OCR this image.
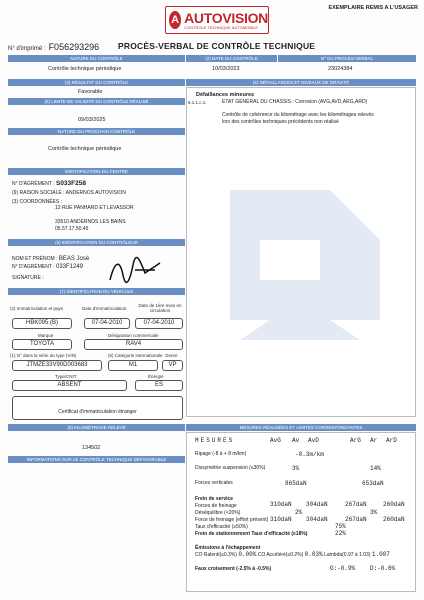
A AUTOVISION
CONTROLE TECHNIQUE AUTOMOBILE
EXEMPLAIRE REMIS A L'USAGER
N° d'imprimé : F056293296 PROCÈS-VERBAL DE CONTRÔLE TECHNIQUE
NATURE DU CONTRÔLE	(2) DATE DU CONTRÔLE	N° DU PROCÈS-VERBAL
Contrôle technique périodique	10/03/2023	23024384
(3) RÉSULTAT DU CONTRÔLE	(4) DÉFAILLANCES ET NIVEAUX DE GRAVITÉ
Favorable	Défaillances mineures
6.1.1.c.1.	ETAT GÉNÉRAL DU CHASSIS : Corrosion (AVG,AVD,ARG,ARD)
Contrôle de cohérence du kilométrage avec les kilométrages relevés lors des contrôles techniques précédents non réalisé
(5) LIMITE DE VALIDITÉ DU CONTRÔLE RÉALISÉ
09/03/2025
NATURE DU PROCHAIN CONTRÔLE
Contrôle technique périodique
IDENTIFICATION DU CENTRE
N° D'AGRÉMENT : S033F258
(9) RAISON SOCIALE : ANDERNOS AUTOVISION
(3) COORDONNÉES :
12 RUE PANHARD ET LEVASSOR
33510 ANDERNOS LES BAINS
05.57.17.50.45
(6) IDENTIFICATION DU CONTRÔLEUR
NOM ET PRÉNOM : BEAS José
N° D'AGRÉMENT : 033F1249
SIGNATURE :
(7) IDENTIFICATION DU VÉHICULE
(2) Immatriculation et pays	Date d'immatriculation
Date de 1ère mise en circulation
HBK095 (B)	07-04-2010	07-04-2010
Marque	Désignation commerciale
TOYOTA	RAV4
(1) N° dans la série du type (VIN)	(5) Catégorie internationale Genre
JTMZE33V90D003683	M1	VP
Type/CNIT	Énergie
ABSENT	ES
Certificat d'immatriculation étranger
(8) KILOMÉTRAGE RELEVÉ
134502
INFORMATIONS SUR LE CONTRÔLE TECHNIQUE DÉFAVORABLE
MESURES RÉALISÉES ET LIMITES CORRESPONDANTES
MESURES	AvG Av AvD	ArG Ar ArD
Ripage (-8 à + 8 m/km)	-0.3m/km
Dissymétrie suspension (≤30%)	3%	14%
Forces verticales	865daN	653daN
Frein de service
Forces de freinage	310daN 304daN	267daN	260daN
Déséquilibre (<20%)	2%	3%
Force de freinage (effort présent) 310daN 304daN	267daN	260daN
Taux d'efficacité (≥50%)	75%
Frein de stationnement Taux d'efficacité (≥18%)	22%
Émissions à l'échappement
CO Ralenti(≤0.3%) 0.00% CO Accéléré(≤0.2%) 0.03% Lambda(0.97 à 1.03) 1.007
Faux croisement (-2.5% à -0.5%)	G:-0.9% D:-0.6%
